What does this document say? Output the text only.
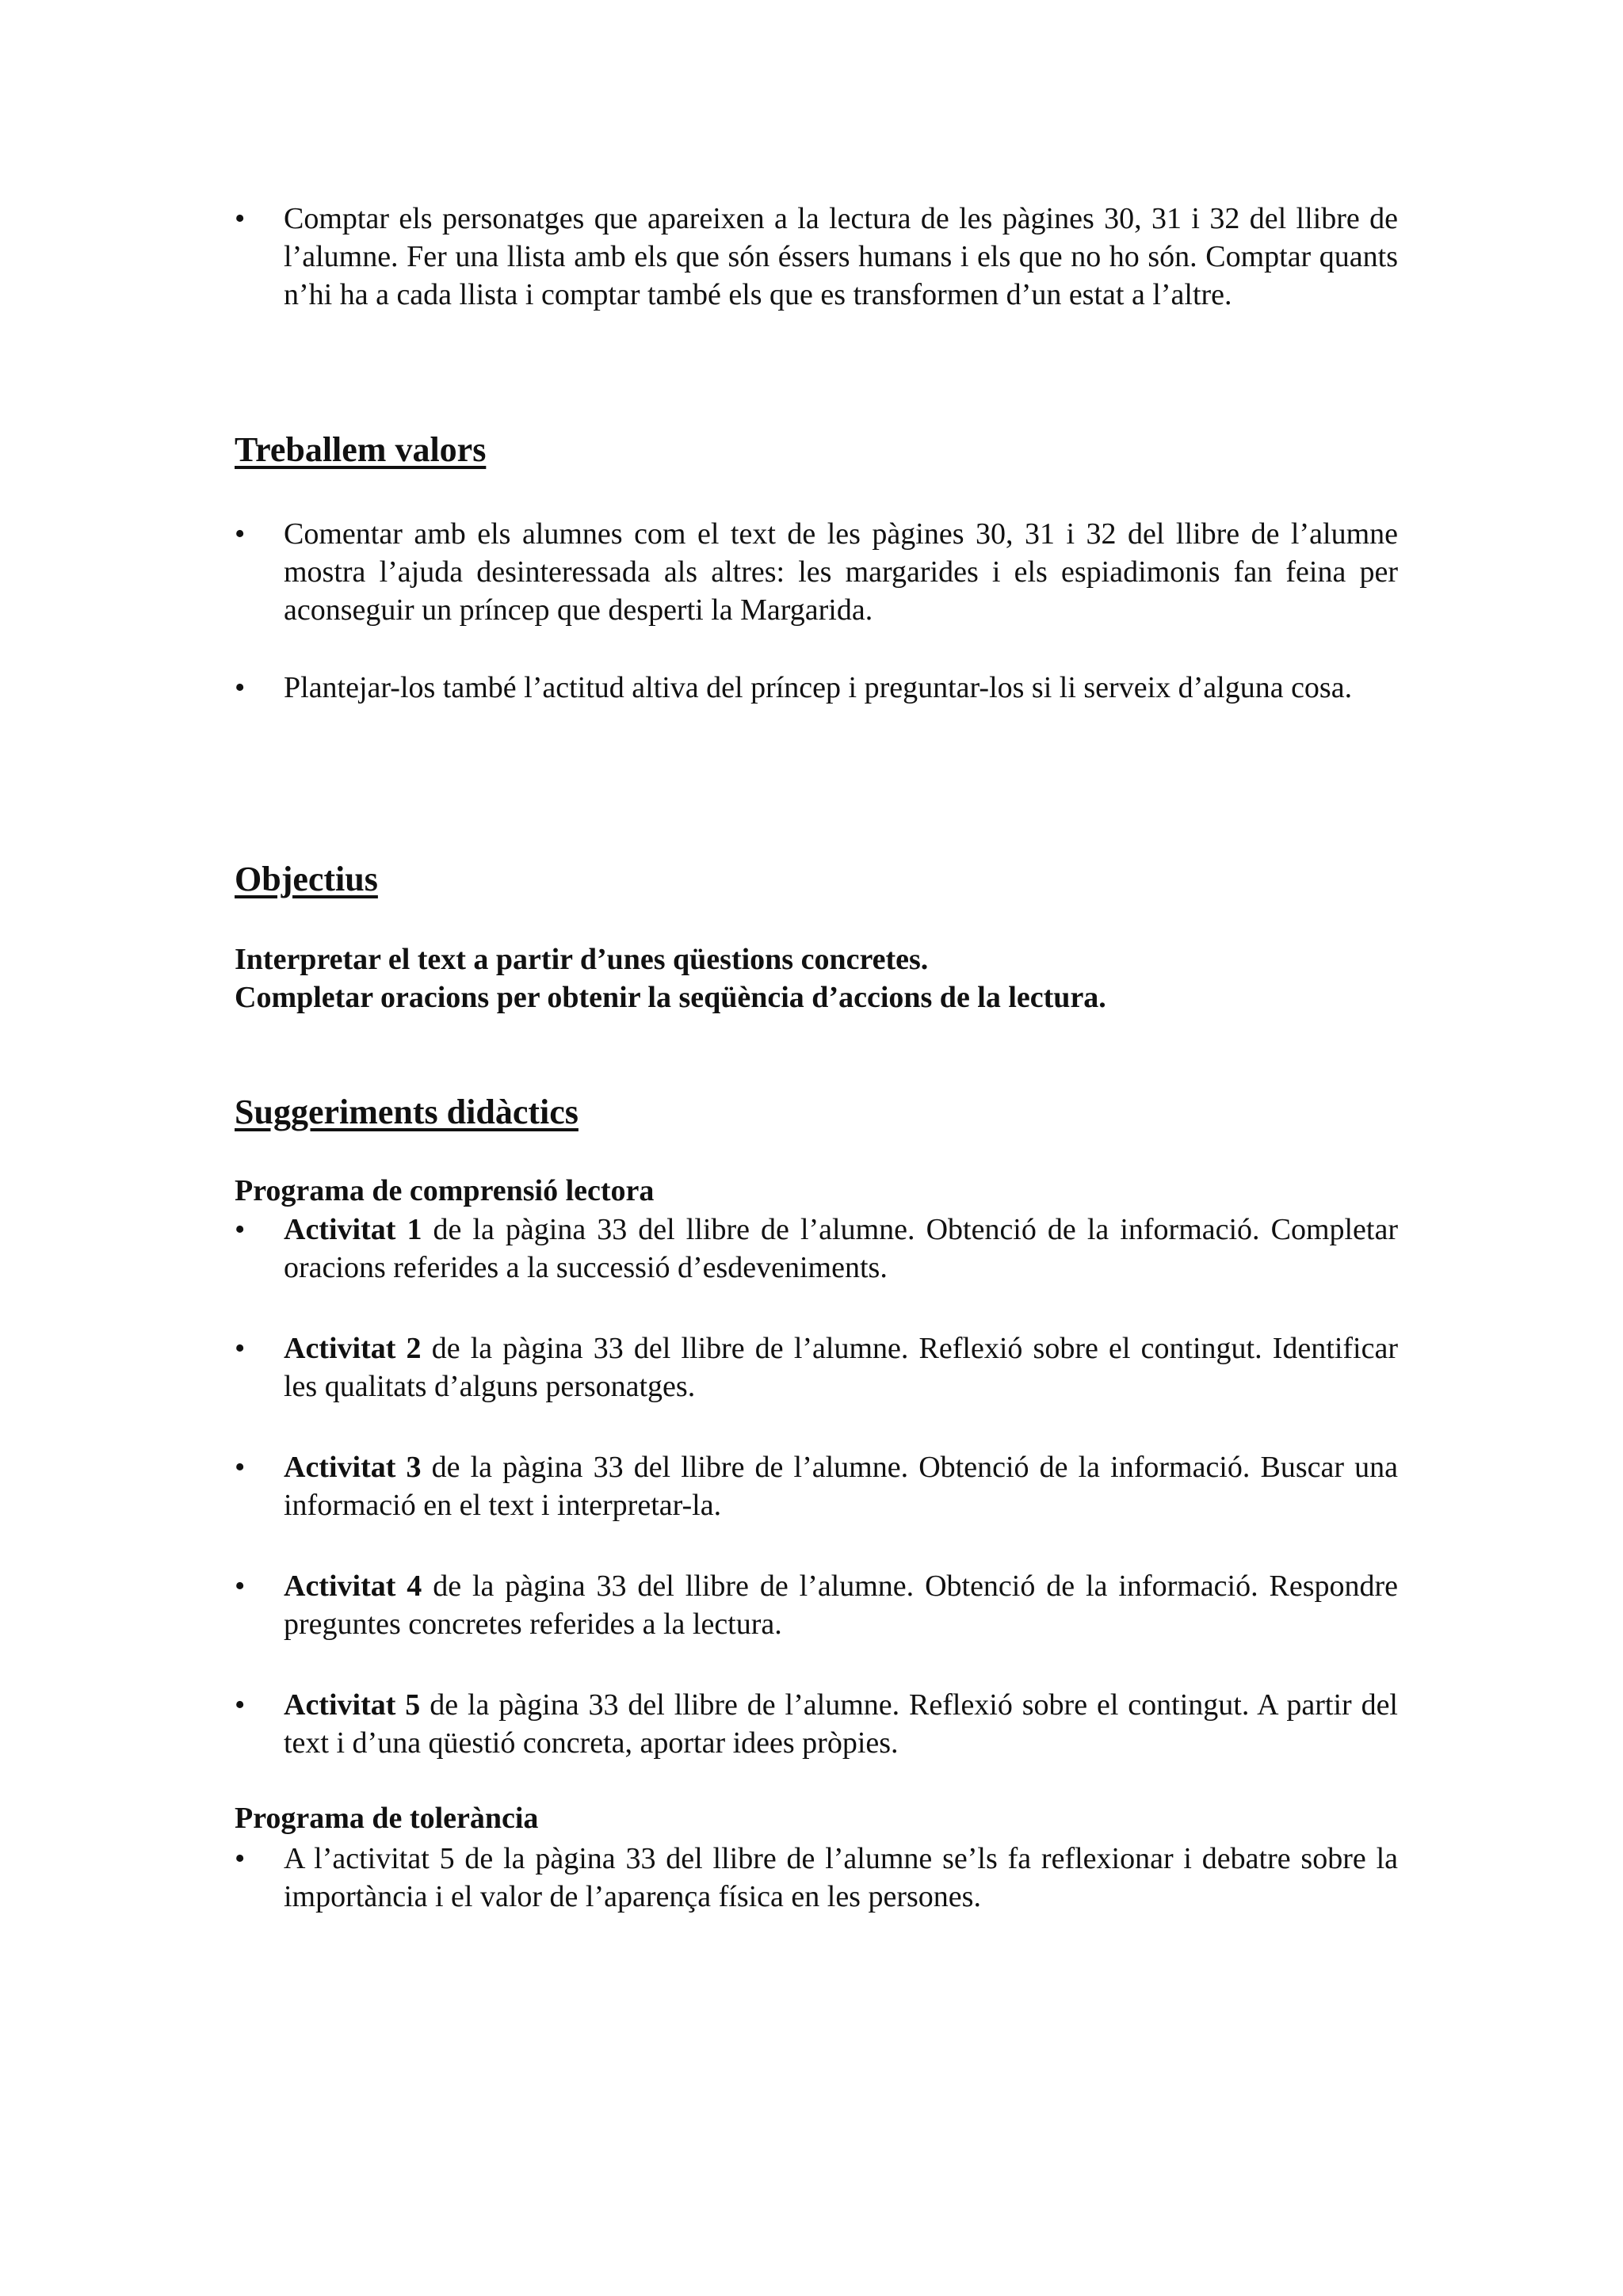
• Comptar els personatges que apareixen a la lectura de les pàgines 30, 31 i 32 del llibre de l’alumne. Fer una llista amb els que són éssers humans i els que no ho són. Comptar quants n’hi ha a cada llista i comptar també els que es transformen d’un estat a l’altre.
Treballem valors
• Comentar amb els alumnes com el text de les pàgines 30, 31 i 32 del llibre de l’alumne mostra l’ajuda desinteressada als altres: les margarides i els espiadimonis fan feina per aconseguir un príncep que desperti la Margarida.
• Plantejar-los també l’actitud altiva del príncep i preguntar-los si li serveix d’alguna cosa.
Objectius

Interpretar el text a partir d’unes qüestions concretes.

Completar oracions per obtenir la seqüència d’accions de la lectura.

Suggeriments didàctics

Programa de comprensió lectora

• Activitat 1 de la pàgina 33 del llibre de l’alumne. Obtenció de la informació. Completar oracions referides a la successió d’esdeveniments.
• Activitat 2 de la pàgina 33 del llibre de l’alumne. Reflexió sobre el contingut. Identificar les qualitats d’alguns personatges.
• Activitat 3 de la pàgina 33 del llibre de l’alumne. Obtenció de la informació. Buscar una informació en el text i interpretar-la.
• Activitat 4 de la pàgina 33 del llibre de l’alumne. Obtenció de la informació. Respondre preguntes concretes referides a la lectura.
• Activitat 5 de la pàgina 33 del llibre de l’alumne. Reflexió sobre el contingut. A partir del text i d’una qüestió concreta, aportar idees pròpies.

Programa de tolerància

• A l’activitat 5 de la pàgina 33 del llibre de l’alumne se’ls fa reflexionar i debatre sobre la importància i el valor de l’aparença física en les persones.
